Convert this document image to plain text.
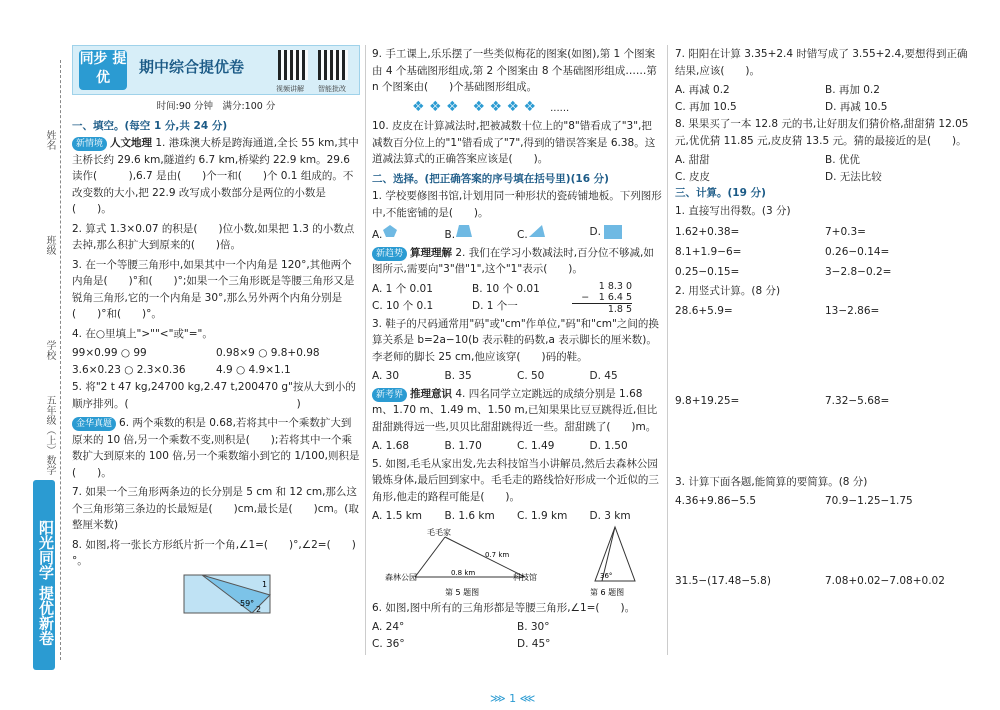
姓名
班级
学校
五年级（上）
数学
阳光同学 提优新卷
同步 提优
期中综合提优卷
视频讲解 智能批改
时间:90 分钟　满分:100 分
一、填空。(每空 1 分,共 24 分)
新情境 人文地理 1. 港珠澳大桥是跨海通道,全长 55 km,其中主桥长约 29.6 km,隧道约 6.7 km,桥梁约 22.9 km。29.6 读作(　　　),6.7 是由(　　)个一和(　　)个 0.1 组成的。不改变数的大小,把 22.9 改写成小数部分是两位的小数是(　　)。
2. 算式 1.3×0.07 的积是(　　)位小数,如果把 1.3 的小数点去掉,那么积扩大到原来的(　　)倍。
3. 在一个等腰三角形中,如果其中一个内角是 120°,其他两个内角是(　　)°和(　　)°;如果一个三角形既是等腰三角形又是锐角三角形,它的一个内角是 30°,那么另外两个内角分别是(　　)°和(　　)°。
4. 在○里填上">""<"或"="。
99×0.99 ○ 99	0.98×9 ○ 9.8+0.98
3.6×0.23 ○ 2.3×0.36	4.9 ○ 4.9×1.1
5. 将"2 t 47 kg,24700 kg,2.47 t,200470 g"按从大到小的顺序排列。(　　　　　　　　　　　　　　　　)
金华真题 6. 两个乘数的积是 0.68,若将其中一个乘数扩大到原来的 10 倍,另一个乘数不变,则积是(　　);若将其中一个乘数扩大到原来的 100 倍,另一个乘数缩小到它的 1/100,则积是(　　)。
7. 如果一个三角形两条边的长分别是 5 cm 和 12 cm,那么这个三角形第三条边的长最短是(　　)cm,最长是(　　)cm。(取整厘米数)
8. 如图,将一张长方形纸片折一个角,∠1=(　　)°,∠2=(　　)°。
59°
1
2
9. 手工课上,乐乐摆了一些类似梅花的图案(如图),第 1 个图案由 4 个基础图形组成,第 2 个图案由 8 个基础图形组成……第 n 个图案由(　　)个基础图形组成。
❖ ❖ ❖　❖ ❖ ❖ ❖　......
10. 皮皮在计算减法时,把被减数十位上的"8"错看成了"3",把减数百分位上的"1"错看成了"7",得到的错误答案是 6.38。这道减法算式的正确答案应该是(　　)。
二、选择。(把正确答案的序号填在括号里)(16 分)
1. 学校要修图书馆,计划用同一种形状的瓷砖铺地板。下列图形中,不能密铺的是(　　)。
A.	B.	C.	D.
新趋势 算理理解 2. 我们在学习小数减法时,百分位不够减,如图所示,需要向"3"借"1",这个"1"表示(　　)。
A. 1 个 0.01	B. 10 个 0.01
C. 10 个 0.1	D. 1 个一
1 8.3 0
−　1 6.4 5
1.8 5
3. 鞋子的尺码通常用"码"或"cm"作单位,"码"和"cm"之间的换算关系是 b=2a−10(b 表示鞋的码数,a 表示脚长的厘米数)。李老师的脚长 25 cm,他应该穿(　　)码的鞋。
A. 30	B. 35	C. 50	D. 45
新考界 推理意识 4. 四名同学立定跳远的成绩分别是 1.68 m、1.70 m、1.49 m、1.50 m,已知果果比豆豆跳得近,但比甜甜跳得远一些,贝贝比甜甜跳得近一些。甜甜跳了(　　)m。
A. 1.68	B. 1.70	C. 1.49	D. 1.50
5. 如图,毛毛从家出发,先去科技馆当小讲解员,然后去森林公园锻炼身体,最后回到家中。毛毛走的路线恰好形成一个近似的三角形,他走的路程可能是(　　)。
A. 1.5 km	B. 1.6 km	C. 1.9 km	D. 3 km
毛毛家
森林公园	科技馆
0.7 km
0.8 km
第 5 题图
36°
第 6 题图
6. 如图,图中所有的三角形都是等腰三角形,∠1=(　　)。
A. 24°	B. 30°
C. 36°	D. 45°
7. 阳阳在计算 3.35+2.4 时错写成了 3.55+2.4,要想得到正确结果,应该(　　)。
A. 再减 0.2	B. 再加 0.2
C. 再加 10.5	D. 再减 10.5
8. 果果买了一本 12.8 元的书,让好朋友们猜价格,甜甜猜 12.05 元,优优猜 11.85 元,皮皮猜 13.5 元。猜的最接近的是(　　)。
A. 甜甜	B. 优优
C. 皮皮	D. 无法比较
三、计算。(19 分)
1. 直接写出得数。(3 分)
1.62+0.38=	7+0.3=
8.1+1.9−6=	0.26−0.14=
0.25−0.15=	3−2.8−0.2=
2. 用竖式计算。(8 分)
28.6+5.9=	13−2.86=
9.8+19.25=	7.32−5.68=
3. 计算下面各题,能简算的要简算。(8 分)
4.36+9.86−5.5	70.9−1.25−1.75
31.5−(17.48−5.8)	7.08+0.02−7.08+0.02
⋙ 1 ⋘
